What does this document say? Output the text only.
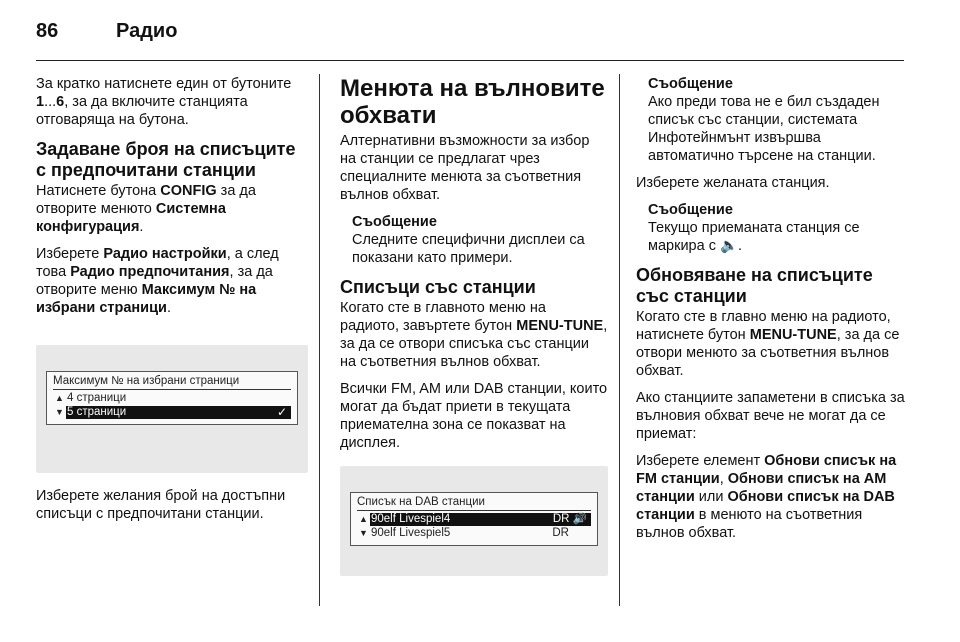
86	Радио

За кратко натиснете един от бутоните 1...6, за да включите станцията отговаряща на бутона.

Задаване броя на списъците с предпочитани станции

Натиснете бутона CONFIG за да отворите менюто Системна конфигурация.

Изберете Радио настройки, а след това Радио предпочитания, за да отворите меню Максимум № на избрани страници.

Максимум № на избрани страници
▲ 4 страници
▼ 5 страници	✓

Изберете желания брой на достъпни списъци с предпочитани станции.

Менюта на вълновите обхвати

Алтернативни възможности за избор на станции се предлагат чрез специалните менюта за съответния вълнов обхват.

Съобщение
Следните специфични дисплеи са показани като примери.
Списъци със станции

Когато сте в главното меню на радиото, завъртете бутон MENU-TUNE, за да се отвори списъка със станции на съответния вълнов обхват.

Всички FM, AM или DAB станции, които могат да бъдат приети в текущата приемателна зона се показват на дисплея.

Списък на DAB станции
▲ 90elf Livespiel4	DR 🔊
▼ 90elf Livespiel5	DR
Съобщение
Ако преди това не е бил създаден списък със станции, системата Инфотейнмънт извършва автоматично търсене на станции.

Изберете желаната станция.

Съобщение
Текущо приеманата станция се маркира с 🔈.
Обновяване на списъците със станции

Когато сте в главно меню на радиото, натиснете бутон MENU-TUNE, за да се отвори менюто за съответния вълнов обхват.

Ако станциите запаметени в списъка за вълновия обхват вече не могат да се приемат:

Изберете елемент Обнови списък на FM станции, Обнови списък на AM станции или Обнови списък на DAB станции в менюто на съответния вълнов обхват.
